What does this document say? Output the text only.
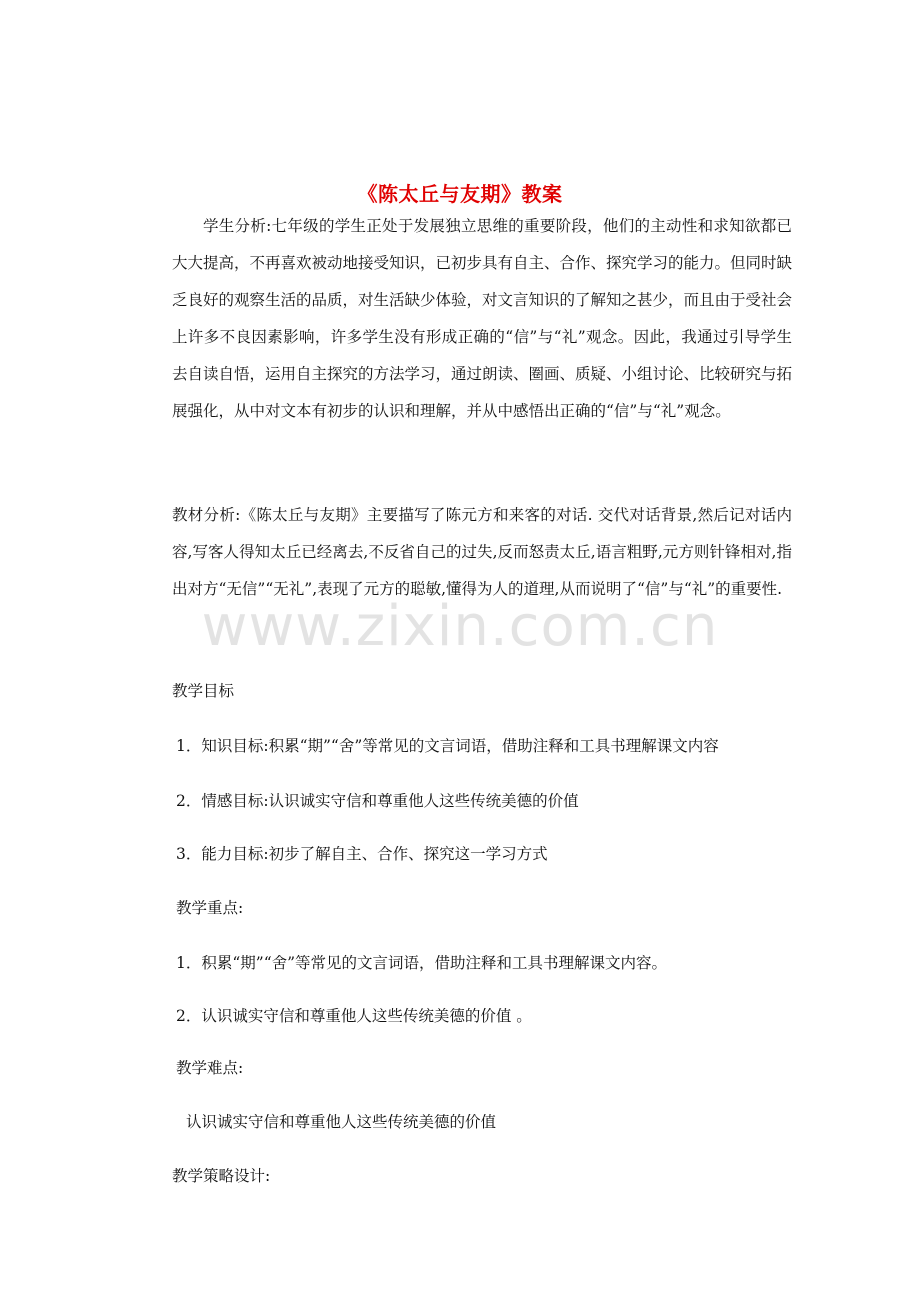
《陈太丘与友期》教案

学生分析:七年级的学生正处于发展独立思维的重要阶段，他们的主动性和求知欲都已大大提高，不再喜欢被动地接受知识，已初步具有自主、合作、探究学习的能力。但同时缺乏良好的观察生活的品质，对生活缺少体验，对文言知识的了解知之甚少，而且由于受社会上许多不良因素影响，许多学生没有形成正确的“信”与“礼”观念。因此，我通过引导学生去自读自悟，运用自主探究的方法学习，通过朗读、圈画、质疑、小组讨论、比较研究与拓展强化，从中对文本有初步的认识和理解，并从中感悟出正确的“信”与“礼”观念。

教材分析:《陈太丘与友期》主要描写了陈元方和来客的对话. 交代对话背景,然后记对话内容,写客人得知太丘已经离去,不反省自己的过失,反而怒责太丘,语言粗野,元方则针锋相对,指出对方“无信”“无礼”,表现了元方的聪敏,懂得为人的道理,从而说明了“信”与“礼”的重要性.

www.zixin.com.cn
教学目标
1．知识目标:积累“期”“舍”等常见的文言词语，借助注释和工具书理解课文内容
2．情感目标:认识诚实守信和尊重他人这些传统美德的价值
3．能力目标:初步了解自主、合作、探究这一学习方式
教学重点:
1．积累“期”“舍”等常见的文言词语，借助注释和工具书理解课文内容。
2．认识诚实守信和尊重他人这些传统美德的价值 。
教学难点:
认识诚实守信和尊重他人这些传统美德的价值
教学策略设计:
